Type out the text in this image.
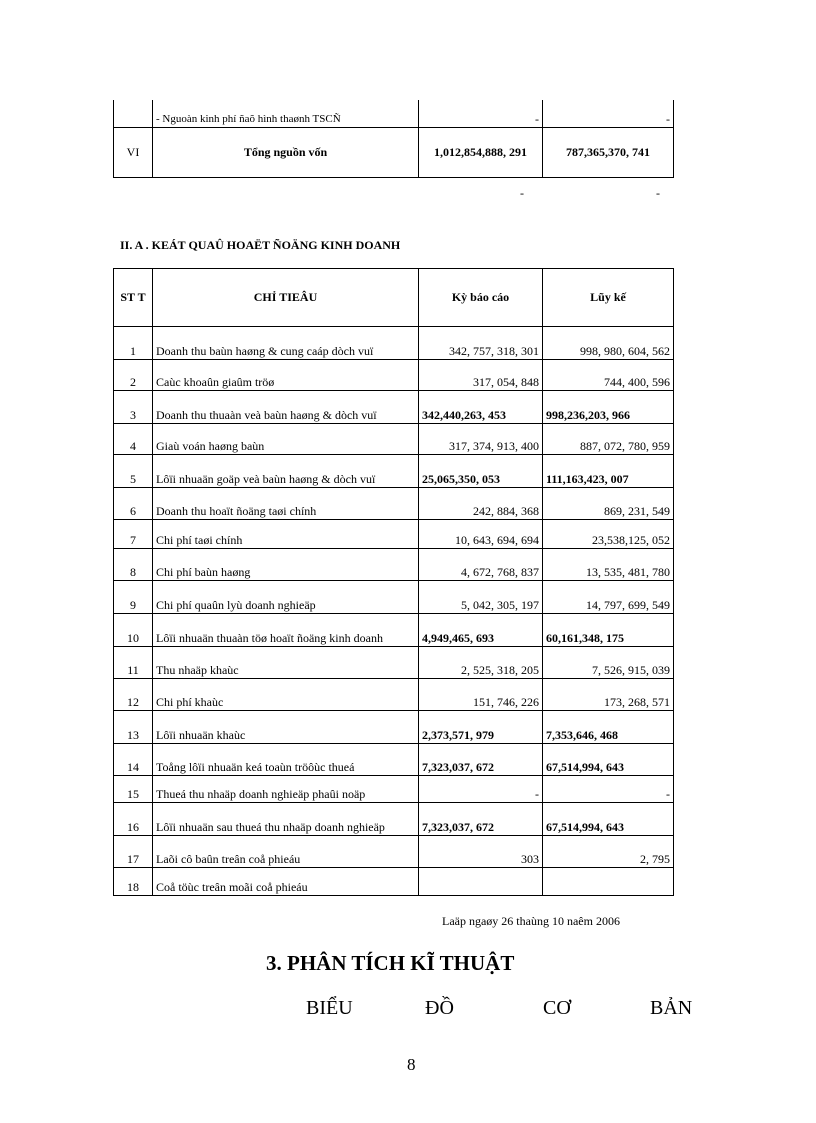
	- Nguoàn kinh phí ñaõ hình thaønh TSCÑ	-	-
VI	Tổng nguồn vốn	1,012,854,888, 291	787,365,370, 741
-	-
II. A . KEÁT QUAÛ HOAËT ÑOÄNG KINH DOANH
ST T	CHỈ TIEÂU	Kỳ báo cáo	Lũy kế
1	Doanh thu baùn haøng & cung caáp dòch vuï	342, 757, 318, 301	998, 980, 604, 562
2	Caùc khoaûn giaûm tröø	317, 054, 848	744, 400, 596
3	Doanh thu thuaàn veà baùn haøng & dòch vuï	342,440,263, 453	998,236,203, 966
4	Giaù voán haøng baùn	317, 374, 913, 400	887, 072, 780, 959
5	Lôïi nhuaän goäp veà baùn haøng & dòch vuï	25,065,350, 053	111,163,423, 007
6	Doanh thu hoaït ñoäng taøi chính	242, 884, 368	869, 231, 549
7	Chi phí taøi chính	10, 643, 694, 694	23,538,125, 052
8	Chi phí baùn haøng	4, 672, 768, 837	13, 535, 481, 780
9	Chi phí quaûn lyù doanh nghieäp	5, 042, 305, 197	14, 797, 699, 549
10	Lôïi nhuaän thuaàn töø hoaït ñoäng kinh doanh	4,949,465, 693	60,161,348, 175
11	Thu nhaäp khaùc	2, 525, 318, 205	7, 526, 915, 039
12	Chi phí khaùc	151, 746, 226	173, 268, 571
13	Lôïi nhuaän khaùc	2,373,571, 979	7,353,646, 468
14	Toång lôïi nhuaän keá toaùn tröôùc thueá	7,323,037, 672	67,514,994, 643
15	Thueá thu nhaäp doanh nghieäp phaûi noäp	-	-
16	Lôïi nhuaän sau thueá thu nhaäp doanh nghieäp	7,323,037, 672	67,514,994, 643
17	Laõi cô baûn treân coå phieáu	303	2, 795
18	Coå töùc treân moãi coå phieáu		
Laäp ngaøy 26 thaùng 10 naêm 2006
3. PHÂN TÍCH KĨ THUẬT
BIỂU	ĐỒ	CƠ	BẢN
8
